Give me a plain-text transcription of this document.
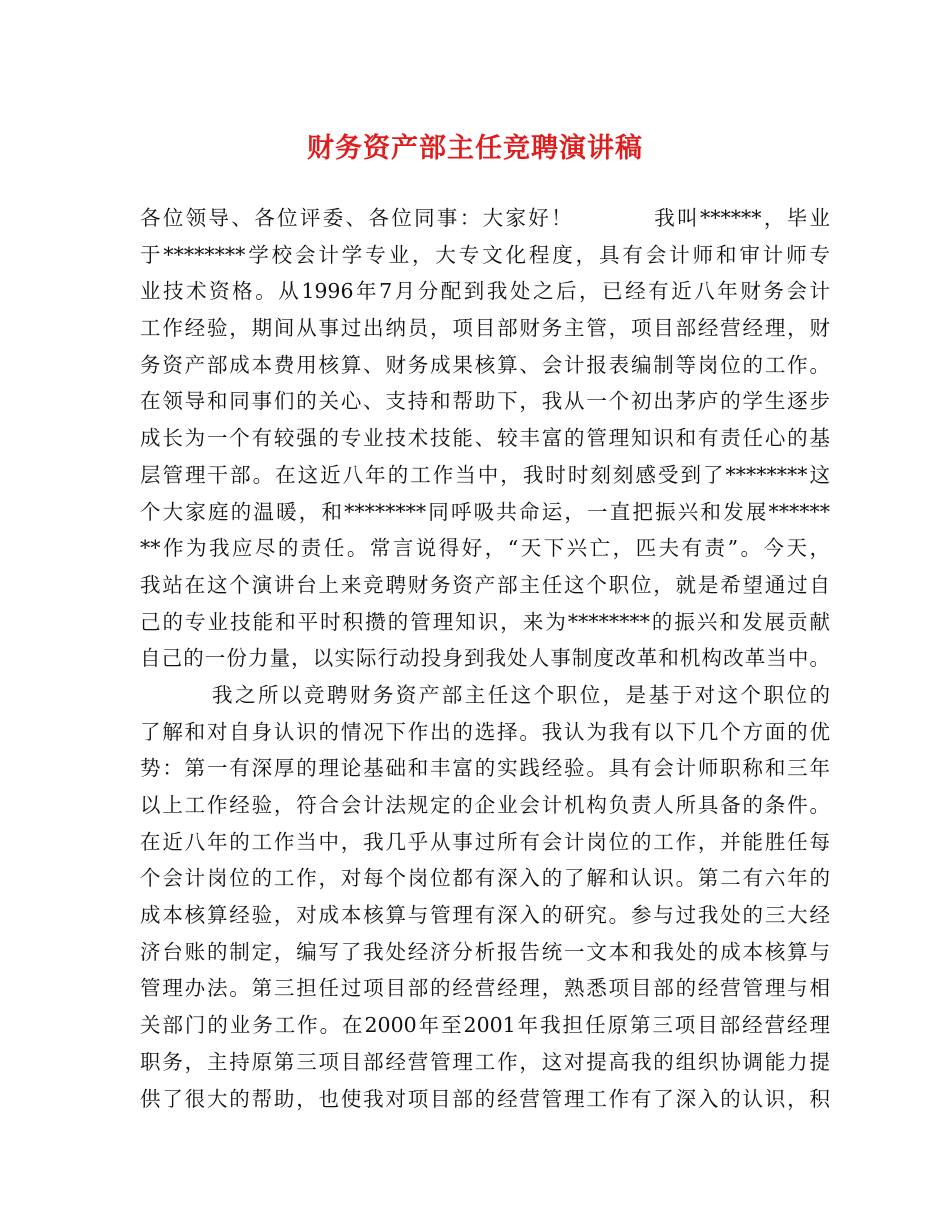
财务资产部主任竞聘演讲稿
各位领导、各位评委、各位同事：大家好！	我叫******，毕业
于********学校会计学专业，大专文化程度，具有会计师和审计师专
业技术资格。从1996年7月分配到我处之后，已经有近八年财务会计
工作经验，期间从事过出纳员，项目部财务主管，项目部经营经理，财
务资产部成本费用核算、财务成果核算、会计报表编制等岗位的工作。
在领导和同事们的关心、支持和帮助下，我从一个初出茅庐的学生逐步
成长为一个有较强的专业技术技能、较丰富的管理知识和有责任心的基
层管理干部。在这近八年的工作当中，我时时刻刻感受到了********这
个大家庭的温暖，和********同呼吸共命运，一直把振兴和发展******
**作为我应尽的责任。常言说得好，“天下兴亡，匹夫有责”。今天，
我站在这个演讲台上来竞聘财务资产部主任这个职位，就是希望通过自
己的专业技能和平时积攒的管理知识，来为********的振兴和发展贡献
自己的一份力量，以实际行动投身到我处人事制度改革和机构改革当中。
我之所以竞聘财务资产部主任这个职位，是基于对这个职位的
了解和对自身认识的情况下作出的选择。我认为我有以下几个方面的优
势：第一有深厚的理论基础和丰富的实践经验。具有会计师职称和三年
以上工作经验，符合会计法规定的企业会计机构负责人所具备的条件。
在近八年的工作当中，我几乎从事过所有会计岗位的工作，并能胜任每
个会计岗位的工作，对每个岗位都有深入的了解和认识。第二有六年的
成本核算经验，对成本核算与管理有深入的研究。参与过我处的三大经
济台账的制定，编写了我处经济分析报告统一文本和我处的成本核算与
管理办法。第三担任过项目部的经营经理，熟悉项目部的经营管理与相
关部门的业务工作。在2000年至2001年我担任原第三项目部经营经理
职务，主持原第三项目部经营管理工作，这对提高我的组织协调能力提
供了很大的帮助，也使我对项目部的经营管理工作有了深入的认识，积
